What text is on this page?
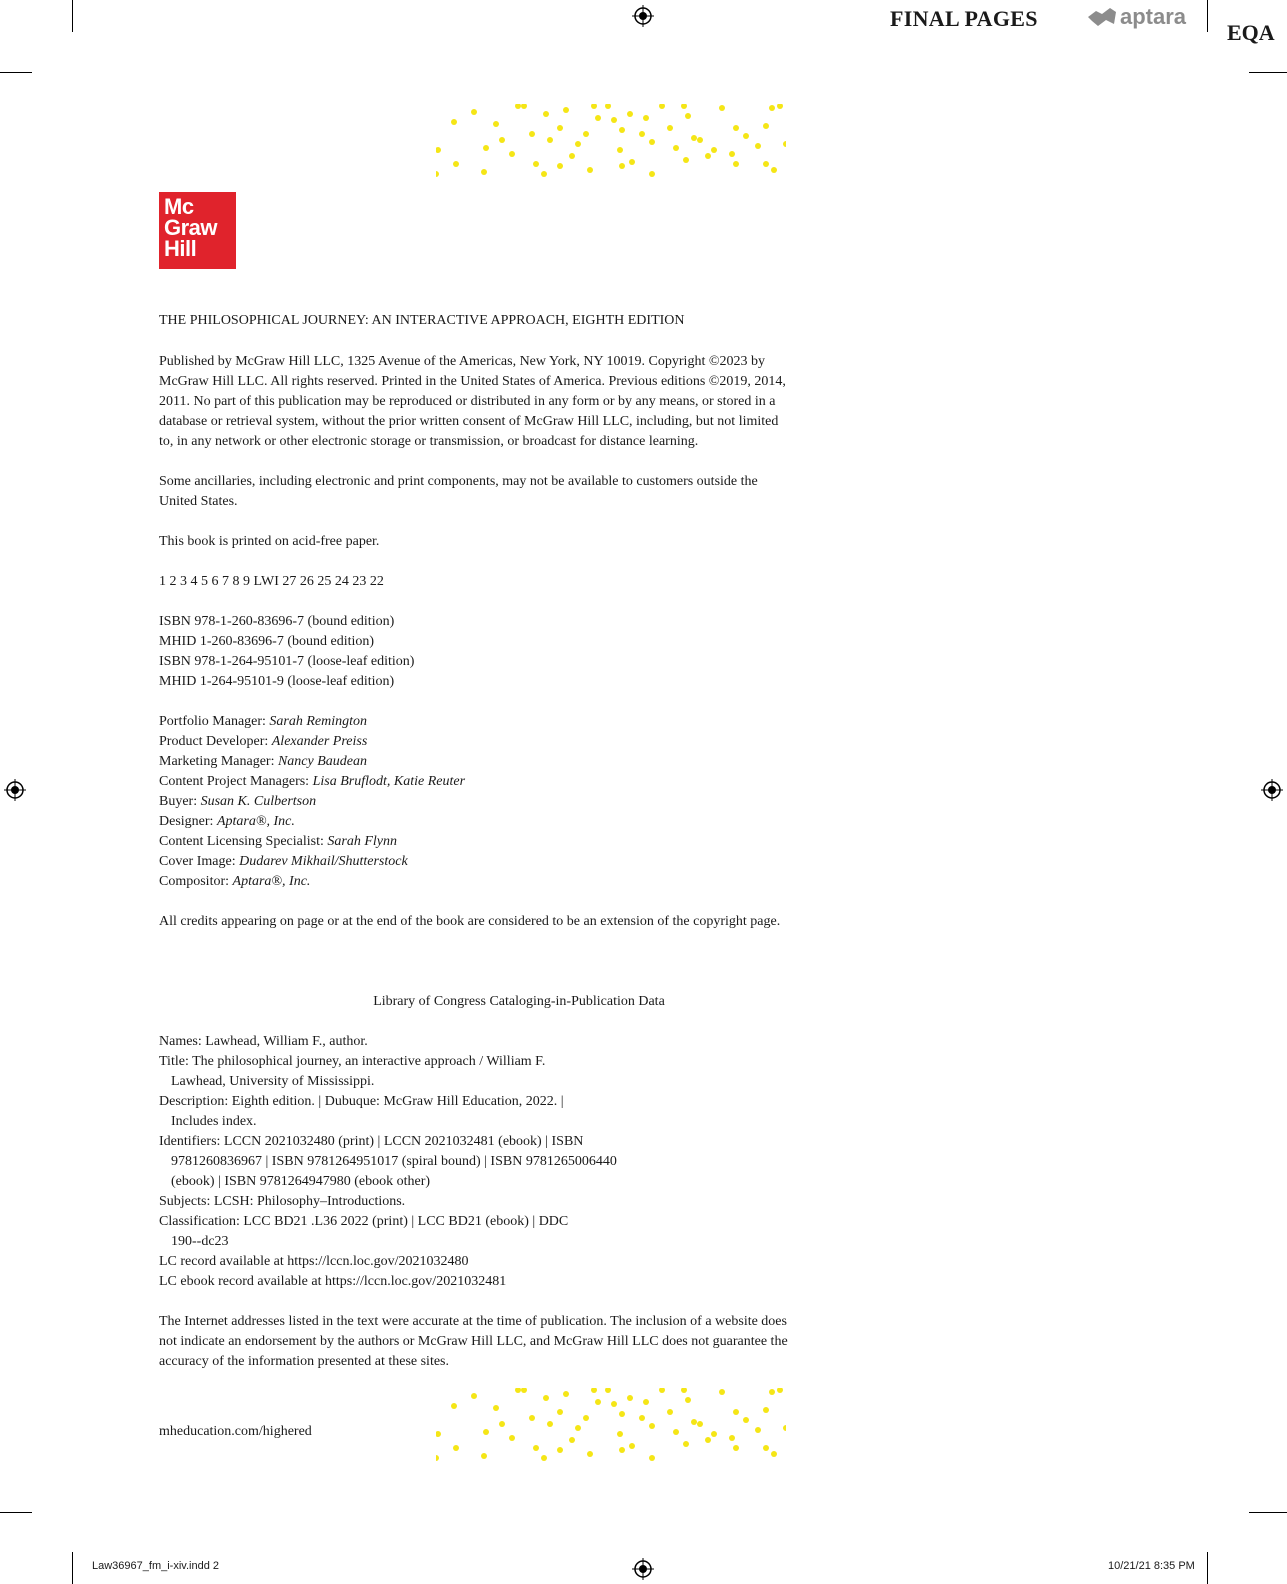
FINAL PAGES	aptara
EQA
Mc
Graw
Hill

THE PHILOSOPHICAL JOURNEY: AN INTERACTIVE APPROACH, EIGHTH EDITION

Published by McGraw Hill LLC, 1325 Avenue of the Americas, New York, NY 10019. Copyright ©2023 by
McGraw Hill LLC. All rights reserved. Printed in the United States of America. Previous editions ©2019, 2014,
2011. No part of this publication may be reproduced or distributed in any form or by any means, or stored in a
database or retrieval system, without the prior written consent of McGraw Hill LLC, including, but not limited
to, in any network or other electronic storage or transmission, or broadcast for distance learning.

Some ancillaries, including electronic and print components, may not be available to customers outside the
United States.

This book is printed on acid-free paper.

1 2 3 4 5 6 7 8 9 LWI 27 26 25 24 23 22

ISBN 978-1-260-83696-7 (bound edition)
MHID 1-260-83696-7 (bound edition)
ISBN 978-1-264-95101-7 (loose-leaf edition)
MHID 1-264-95101-9 (loose-leaf edition)

Portfolio Manager: Sarah Remington
Product Developer: Alexander Preiss
Marketing Manager: Nancy Baudean
Content Project Managers: Lisa Bruflodt, Katie Reuter
Buyer: Susan K. Culbertson
Designer: Aptara®, Inc.
Content Licensing Specialist: Sarah Flynn
Cover Image: Dudarev Mikhail/Shutterstock
Compositor: Aptara®, Inc.

All credits appearing on page or at the end of the book are considered to be an extension of the copyright page.

Library of Congress Cataloging-in-Publication Data

Names: Lawhead, William F., author.
Title: The philosophical journey, an interactive approach / William F.
Lawhead, University of Mississippi.
Description: Eighth edition. | Dubuque: McGraw Hill Education, 2022. |
Includes index.
Identifiers: LCCN 2021032480 (print) | LCCN 2021032481 (ebook) | ISBN
9781260836967 | ISBN 9781264951017 (spiral bound) | ISBN 9781265006440
(ebook) | ISBN 9781264947980 (ebook other)
Subjects: LCSH: Philosophy–Introductions.
Classification: LCC BD21 .L36 2022 (print) | LCC BD21 (ebook) | DDC
190--dc23
LC record available at https://lccn.loc.gov/2021032480
LC ebook record available at https://lccn.loc.gov/2021032481

The Internet addresses listed in the text were accurate at the time of publication. The inclusion of a website does
not indicate an endorsement by the authors or McGraw Hill LLC, and McGraw Hill LLC does not guarantee the
accuracy of the information presented at these sites.

mheducation.com/highered
Law36967_fm_i-xiv.indd 2	10/21/21 8:35 PM
